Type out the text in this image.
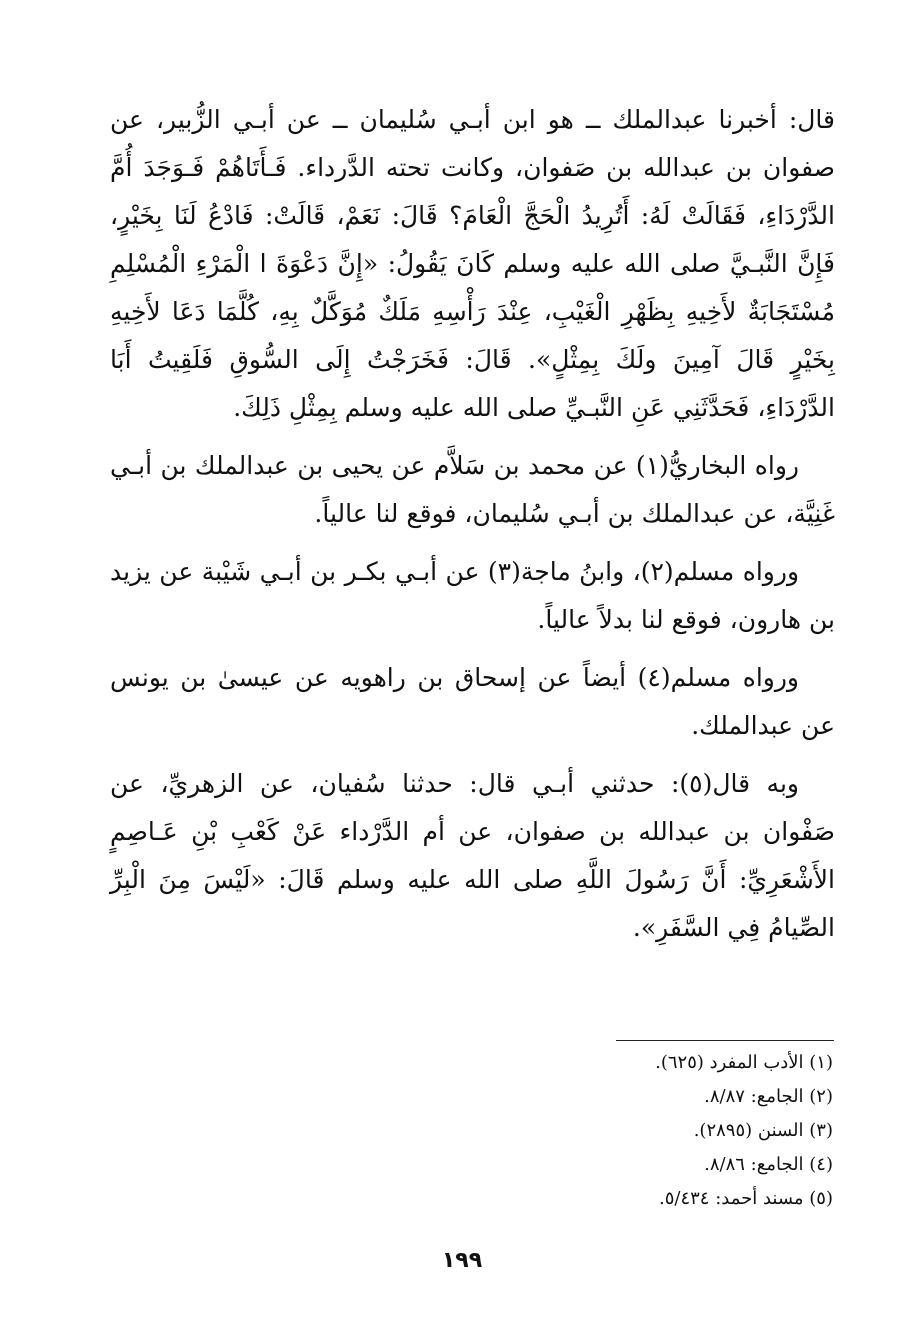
قال: أخبرنا عبدالملك ــ هو ابن أبـي سُليمان ــ عن أبـي الزُّبير، عن صفوان بن عبدالله بن صَفوان، وكانت تحته الدَّرداء. فَـأَتَاهُمْ فَـوَجَدَ أُمَّ الدَّرْدَاءِ، فَقَالَتْ لَهُ: أَتُرِيدُ الْحَجَّ الْعَامَ؟ قَالَ: نَعَمْ، قَالَتْ: فَادْعُ لَنَا بِخَيْرٍ، فَإِنَّ النَّبـيَّ صلى الله عليه وسلم كَانَ يَقُولُ: «إِنَّ دَعْوَةَ ا الْمَرْءِ الْمُسْلِمِ مُسْتَجَابَةٌ لأَخِيهِ بِظَهْرِ الْغَيْبِ، عِنْدَ رَأْسِهِ مَلَكٌ مُوَكَّلٌ بِهِ، كُلَّمَا دَعَا لأَخِيهِ بِخَيْرٍ قَالَ آمِينَ ولَكَ بِمِثْلٍ». قَالَ: فَخَرَجْتُ إِلَى السُّوقِ فَلَقِيتُ أَبَا الدَّرْدَاءِ، فَحَدَّثَنِي عَنِ النَّبـيِّ صلى الله عليه وسلم بِمِثْلِ ذَلِكَ.

رواه البخاريُّ(١) عن محمد بن سَلاَّم عن يحيى بن عبدالملك بن أبـي غَنِيَّة، عن عبدالملك بن أبـي سُليمان، فوقع لنا عالياً.

ورواه مسلم(٢)، وابنُ ماجة(٣) عن أبـي بكـر بن أبـي شَيْبة عن يزيد بن هارون، فوقع لنا بدلاً عالياً.

ورواه مسلم(٤) أيضاً عن إسحاق بن راهويه عن عيسىٰ بن يونس عن عبدالملك.

وبه قال(٥): حدثني أبـي قال: حدثنا سُفيان، عن الزهريِّ، عن صَفْوان بن عبدالله بن صفوان، عن أم الدَّرْداء عَنْ كَعْبِ بْنِ عَـاصِمٍ الأَشْعَرِيِّ: أَنَّ رَسُولَ اللَّهِ صلى الله عليه وسلم قَالَ: «لَيْسَ مِنَ الْبِرِّ الصِّيامُ فِي السَّفَرِ».

(١) الأدب المفرد (٦٢٥).
(٢) الجامع: ٨/٨٧.
(٣) السنن (٢٨٩٥).
(٤) الجامع: ٨/٨٦.
(٥) مسند أحمد: ٥/٤٣٤.
١٩٩
